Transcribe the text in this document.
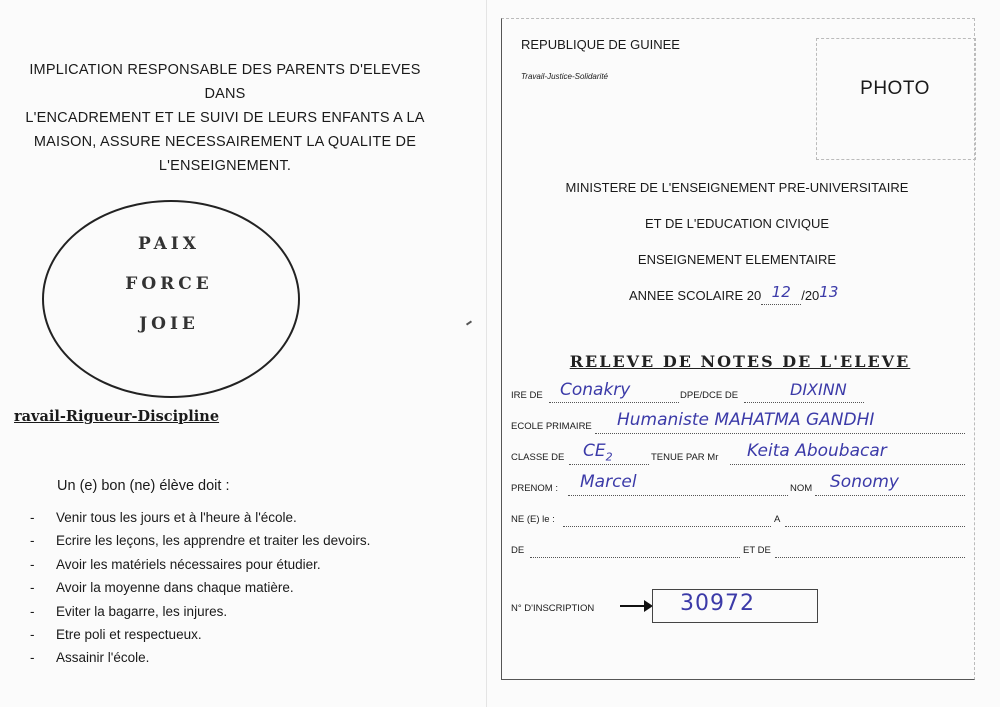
IMPLICATION RESPONSABLE DES PARENTS D'ELEVES DANS
L'ENCADREMENT ET LE SUIVI DE LEURS ENFANTS A LA
MAISON, ASSURE NECESSAIREMENT LA QUALITE DE
L'ENSEIGNEMENT.
PAIX
FORCE
JOIE
ravail-Rigueur-Discipline
Un (e) bon (ne) élève doit :
-	Venir tous les jours et à l'heure à l'école.
-	Ecrire les leçons, les apprendre et traiter les devoirs.
-	Avoir les matériels nécessaires pour étudier.
-	Avoir la moyenne dans chaque matière.
-	Eviter la bagarre, les injures.
-	Etre poli et respectueux.
-	Assainir l'école.
REPUBLIQUE DE GUINEE
Travail-Justice-Solidarité
PHOTO
MINISTERE DE L'ENSEIGNEMENT PRE-UNIVERSITAIRE
ET DE L'EDUCATION CIVIQUE
ENSEIGNEMENT ELEMENTAIRE
ANNEE SCOLAIRE 20 12 /2013
RELEVE DE NOTES DE L'ELEVE
IRE DE Conakry	DPE/DCE DE	DIXINN
ECOLE PRIMAIRE Humaniste MAHATMA GANDHI
CLASSE DE $CE_2$	TENUE PAR Mr Keita Aboubacar
PRENOM : Marcel	NOM Sonomy
NE (E) le :	A
DE	ET DE
N° D'INSCRIPTION	30972
